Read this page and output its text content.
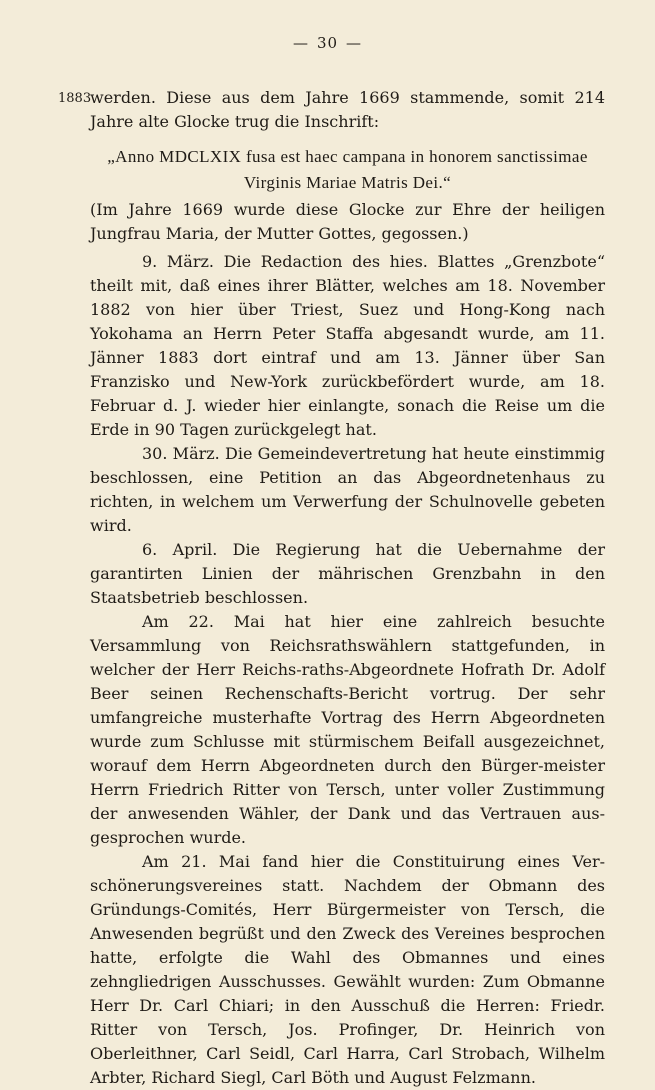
— 30 —
1883

werden. Diese aus dem Jahre 1669 stammende, somit 214 Jahre alte Glocke trug die Inschrift:

„Anno MDCLXIX fusa est haec campana in honorem sanctissimae Virginis Mariae Matris Dei.“

(Im Jahre 1669 wurde diese Glocke zur Ehre der heiligen Jungfrau Maria, der Mutter Gottes, gegossen.)

9. März. Die Redaction des hies. Blattes „Grenzbote“ theilt mit, daß eines ihrer Blätter, welches am 18. November 1882 von hier über Triest, Suez und Hong-Kong nach Yokohama an Herrn Peter Staffa abgesandt wurde, am 11. Jänner 1883 dort eintraf und am 13. Jänner über San Franzisko und New-York zurückbefördert wurde, am 18. Februar d. J. wieder hier einlangte, sonach die Reise um die Erde in 90 Tagen zurückgelegt hat.

30. März. Die Gemeindevertretung hat heute einstimmig beschlossen, eine Petition an das Abgeordnetenhaus zu richten, in welchem um Verwerfung der Schulnovelle gebeten wird.

6. April. Die Regierung hat die Uebernahme der garantirten Linien der mährischen Grenzbahn in den Staatsbetrieb beschlossen.

Am 22. Mai hat hier eine zahlreich besuchte Versammlung von Reichsrathswählern stattgefunden, in welcher der Herr Reichs-raths-Abgeordnete Hofrath Dr. Adolf Beer seinen Rechenschafts-Bericht vortrug. Der sehr umfangreiche musterhafte Vortrag des Herrn Abgeordneten wurde zum Schlusse mit stürmischem Beifall ausgezeichnet, worauf dem Herrn Abgeordneten durch den Bürger-meister Herrn Friedrich Ritter von Tersch, unter voller Zustimmung der anwesenden Wähler, der Dank und das Vertrauen aus-gesprochen wurde.

Am 21. Mai fand hier die Constituirung eines Ver-schönerungsvereines statt. Nachdem der Obmann des Gründungs-Comités, Herr Bürgermeister von Tersch, die Anwesenden begrüßt und den Zweck des Vereines besprochen hatte, erfolgte die Wahl des Obmannes und eines zehngliedrigen Ausschusses. Gewählt wurden: Zum Obmanne Herr Dr. Carl Chiari; in den Ausschuß die Herren: Friedr. Ritter von Tersch, Jos. Profinger, Dr. Heinrich von Oberleithner, Carl Seidl, Carl Harra, Carl Strobach, Wilhelm Arbter, Richard Siegl, Carl Böth und August Felzmann.
